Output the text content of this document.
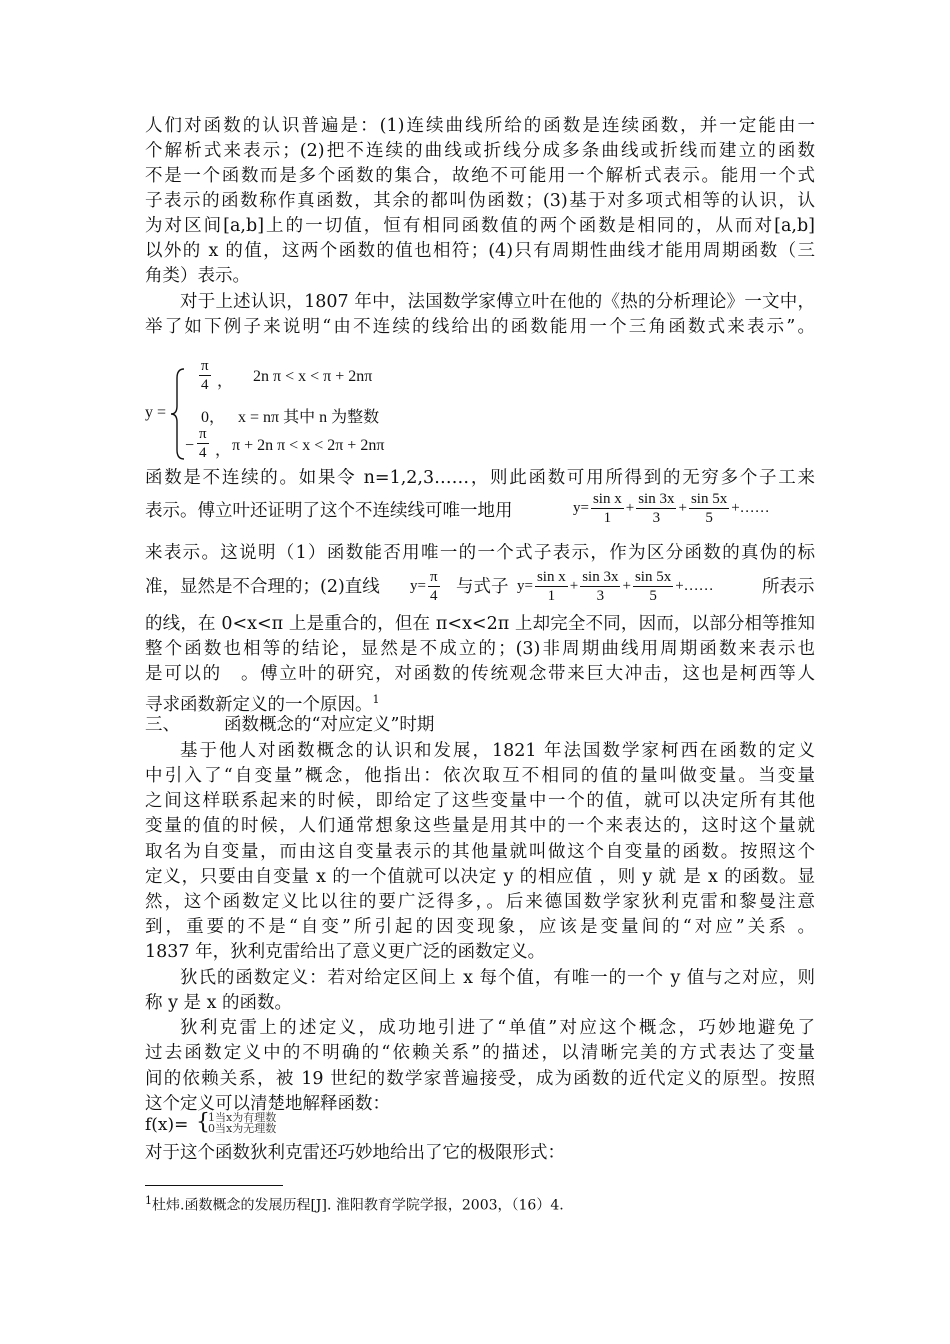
人们对函数的认识普遍是：(1)连续曲线所给的函数是连续函数，并一定能由一
个解析式来表示；(2)把不连续的曲线或折线分成多条曲线或折线而建立的函数
不是一个函数而是多个函数的集合，故绝不可能用一个解析式表示。能用一个式
子表示的函数称作真函数，其余的都叫伪函数；(3)基于对多项式相等的认识，认
为对区间[a,b]上的一切值，恒有相同函数值的两个函数是相同的，从而对[a,b]
以外的 x 的值，这两个函数的值也相符；(4)只有周期性曲线才能用周期函数（三
角类）表示。
对于上述认识，1807 年中，法国数学家傅立叶在他的《热的分析理论》一文中，
举了如下例子来说明“由不连续的线给出的函数能用一个三角函数式来表示”。
y =
$\frac{\pi}{4}$ ， 2n π < x < π + 2nπ
0， x = nπ 其中 n 为整数
− $\frac{\pi}{4}$ ， π + 2n π < x < 2π + 2nπ
函数是不连续的。如果令 n=1,2,3……，则此函数可用所得到的无穷多个子工来
表示。傅立叶还证明了这个不连续线可唯一地用	$y= \frac{\text{sin x}}{1} + \frac{\sin 3x}{3} + \frac{\sin 5x}{5}$ +……
来表示。这说明（1）函数能否用唯一的一个式子表示，作为区分函数的真伪的标
准，显然是不合理的；(2)直线	$y= \frac{\pi}{4}$ 与式子 $y= \frac{\text{sin x}}{1} + \frac{\sin 3x}{3} + \frac{\sin 5x}{5}$ +……	所表示
的线，在 0<x<π 上是重合的，但在 π<x<2π 上却完全不同，因而，以部分相等推知
整个函数也相等的结论，显然是不成立的；(3)非周期曲线用周期函数来表示也
是可以的　。傅立叶的研究，对函数的传统观念带来巨大冲击，这也是柯西等人
寻求函数新定义的一个原因。$^1$
三、	函数概念的“对应定义”时期
基于他人对函数概念的认识和发展，1821 年法国数学家柯西在函数的定义
中引入了“自变量”概念，他指出：依次取互不相同的值的量叫做变量。当变量
之间这样联系起来的时候，即给定了这些变量中一个的值，就可以决定所有其他
变量的值的时候，人们通常想象这些量是用其中的一个来表达的，这时这个量就
取名为自变量，而由这自变量表示的其他量就叫做这个自变量的函数。按照这个
定义，只要由自变量 x 的一个值就可以决定 y 的相应值 ，则 y 就 是 x 的函数。显
然，这个函数定义比以往的要广泛得多，。后来德国数学家狄利克雷和黎曼注意
到，重要的不是“自变”所引起的因变现象，应该是变量间的“对应”关系 。
1837 年，狄利克雷给出了意义更广泛的函数定义。
狄氏的函数定义：若对给定区间上 x 每个值，有唯一的一个 y 值与之对应，则
称 y 是 x 的函数。
狄利克雷上的述定义，成功地引进了“单值”对应这个概念，巧妙地避免了
过去函数定义中的不明确的“依赖关系”的描述，以清晰完美的方式表达了变量
间的依赖关系，被 19 世纪的数学家普遍接受，成为函数的近代定义的原型。按照
这个定义可以清楚地解释函数：
f(x)= {
1当x为有理数
0当x为无理数
对于这个函数狄利克雷还巧妙地给出了它的极限形式：
$^1$杜炜.函数概念的发展历程[J]. 淮阳教育学院学报，2003，（16）4.
